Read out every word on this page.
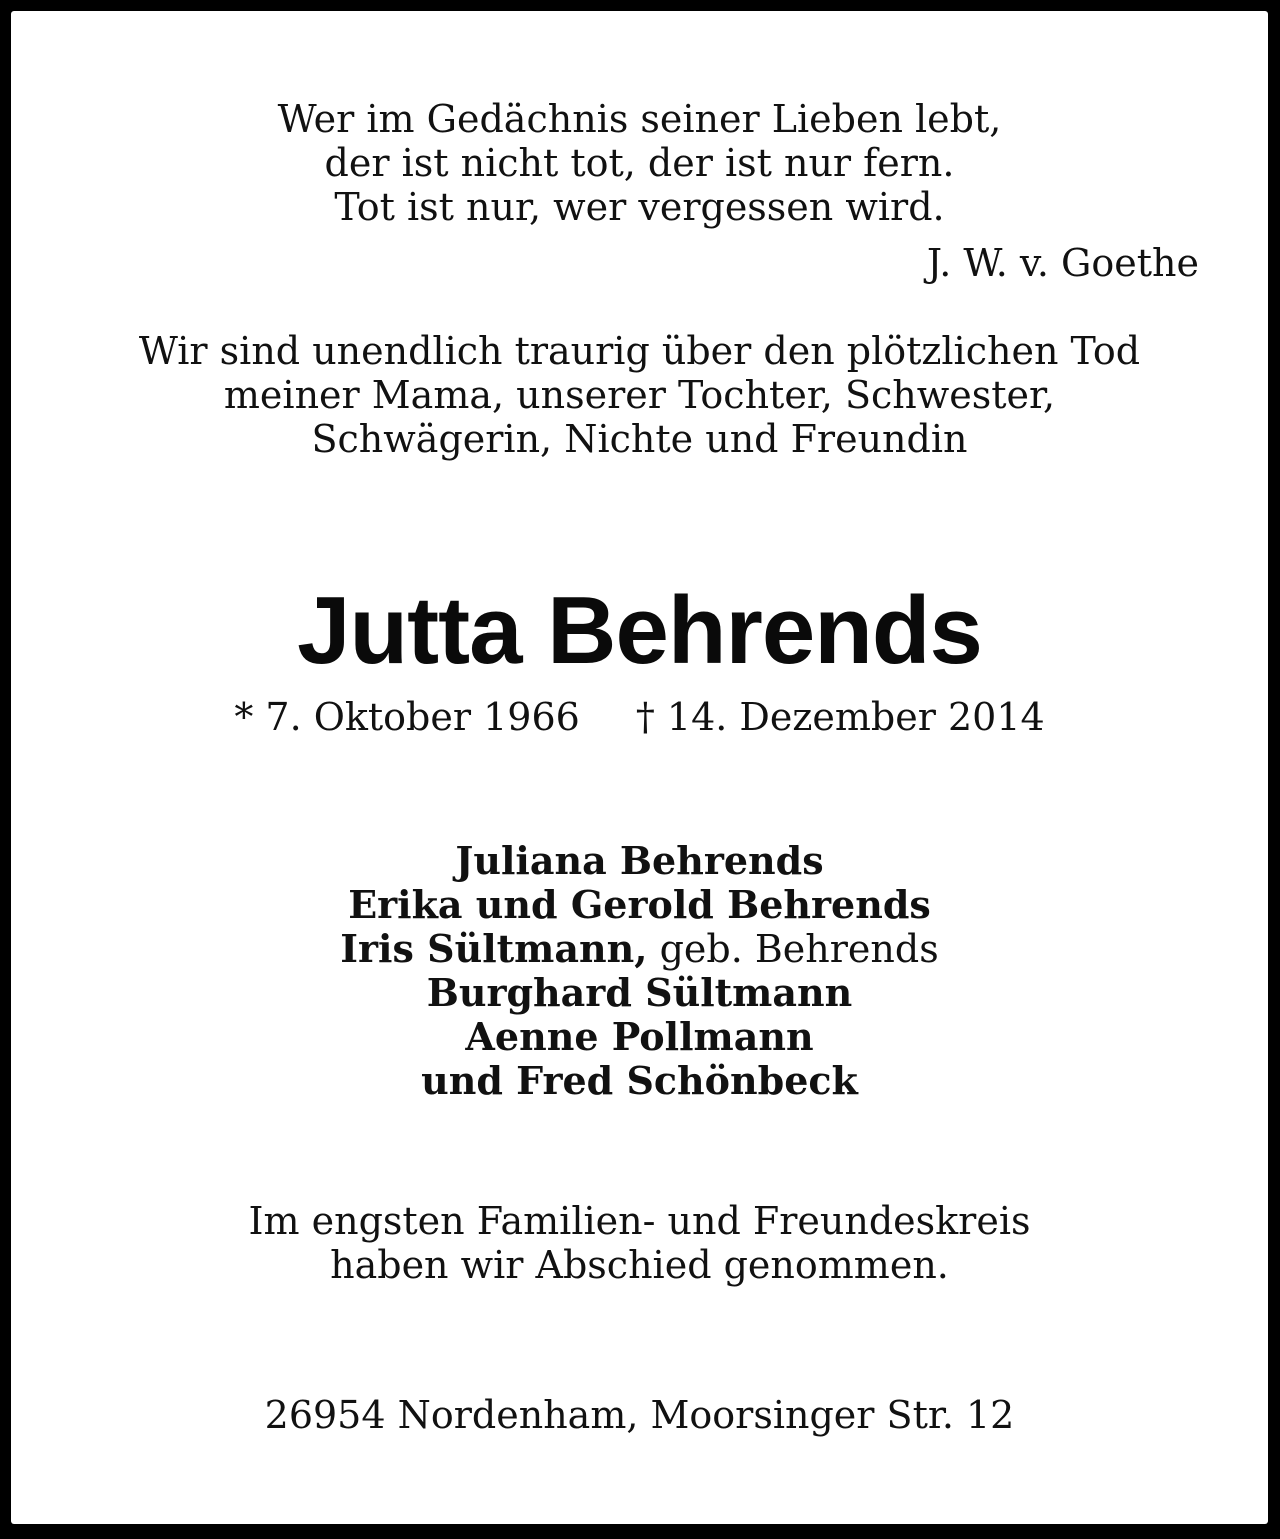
Wer im Gedächnis seiner Lieben lebt,
der ist nicht tot, der ist nur fern.
Tot ist nur, wer vergessen wird.
J. W. v. Goethe
Wir sind unendlich traurig über den plötzlichen Tod
meiner Mama, unserer Tochter, Schwester,
Schwägerin, Nichte und Freundin
Jutta Behrends
* 7. Oktober 1966 † 14. Dezember 2014
Juliana Behrends
Erika und Gerold Behrends
Iris Sültmann, geb. Behrends
Burghard Sültmann
Aenne Pollmann
und Fred Schönbeck
Im engsten Familien- und Freundeskreis
haben wir Abschied genommen.
26954 Nordenham, Moorsinger Str. 12
